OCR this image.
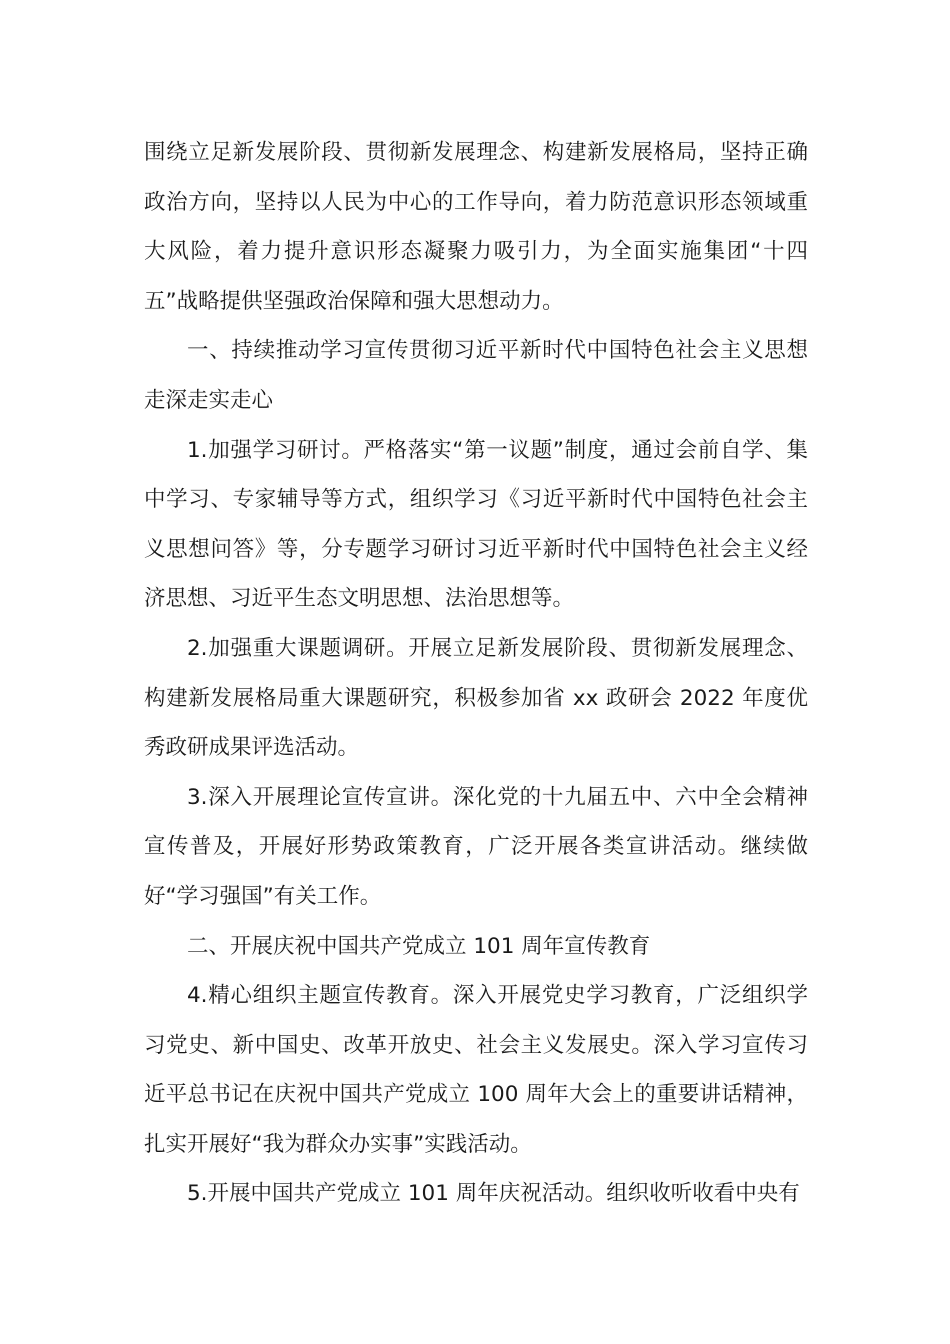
围绕立足新发展阶段、贯彻新发展理念、构建新发展格局，坚持正确政治方向，坚持以人民为中心的工作导向，着力防范意识形态领域重大风险，着力提升意识形态凝聚力吸引力，为全面实施集团“十四五”战略提供坚强政治保障和强大思想动力。

一、持续推动学习宣传贯彻习近平新时代中国特色社会主义思想走深走实走心

1.加强学习研讨。严格落实“第一议题”制度，通过会前自学、集中学习、专家辅导等方式，组织学习《习近平新时代中国特色社会主义思想问答》等，分专题学习研讨习近平新时代中国特色社会主义经济思想、习近平生态文明思想、法治思想等。

2.加强重大课题调研。开展立足新发展阶段、贯彻新发展理念、构建新发展格局重大课题研究，积极参加省 xx 政研会 2022 年度优秀政研成果评选活动。

3.深入开展理论宣传宣讲。深化党的十九届五中、六中全会精神宣传普及，开展好形势政策教育，广泛开展各类宣讲活动。继续做好“学习强国”有关工作。

二、开展庆祝中国共产党成立 101 周年宣传教育

4.精心组织主题宣传教育。深入开展党史学习教育，广泛组织学习党史、新中国史、改革开放史、社会主义发展史。深入学习宣传习近平总书记在庆祝中国共产党成立 100 周年大会上的重要讲话精神，扎实开展好“我为群众办实事”实践活动。

5.开展中国共产党成立 101 周年庆祝活动。组织收听收看中央有
